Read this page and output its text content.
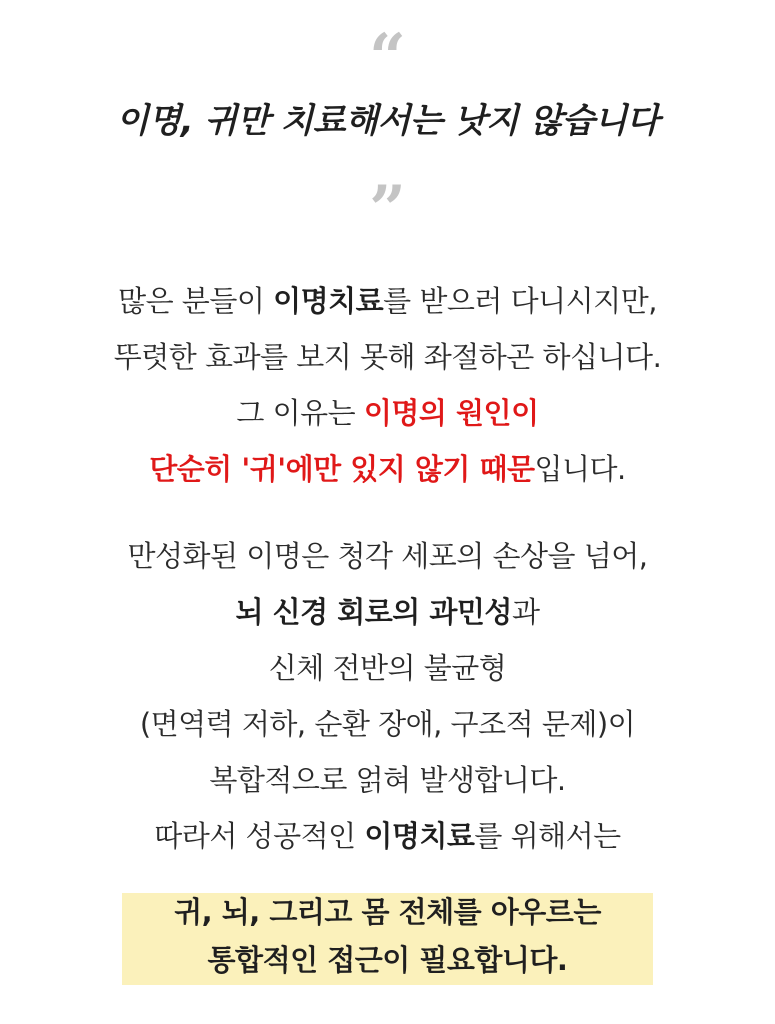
“
이명, 귀만 치료해서는 낫지 않습니다
”
많은 분들이 이명치료를 받으러 다니시지만,
뚜렷한 효과를 보지 못해 좌절하곤 하십니다.
그 이유는 이명의 원인이
단순히 '귀'에만 있지 않기 때문입니다.
만성화된 이명은 청각 세포의 손상을 넘어,
뇌 신경 회로의 과민성과
신체 전반의 불균형
(면역력 저하, 순환 장애, 구조적 문제)이
복합적으로 얽혀 발생합니다.
따라서 성공적인 이명치료를 위해서는
귀, 뇌, 그리고 몸 전체를 아우르는
통합적인 접근이 필요합니다.
